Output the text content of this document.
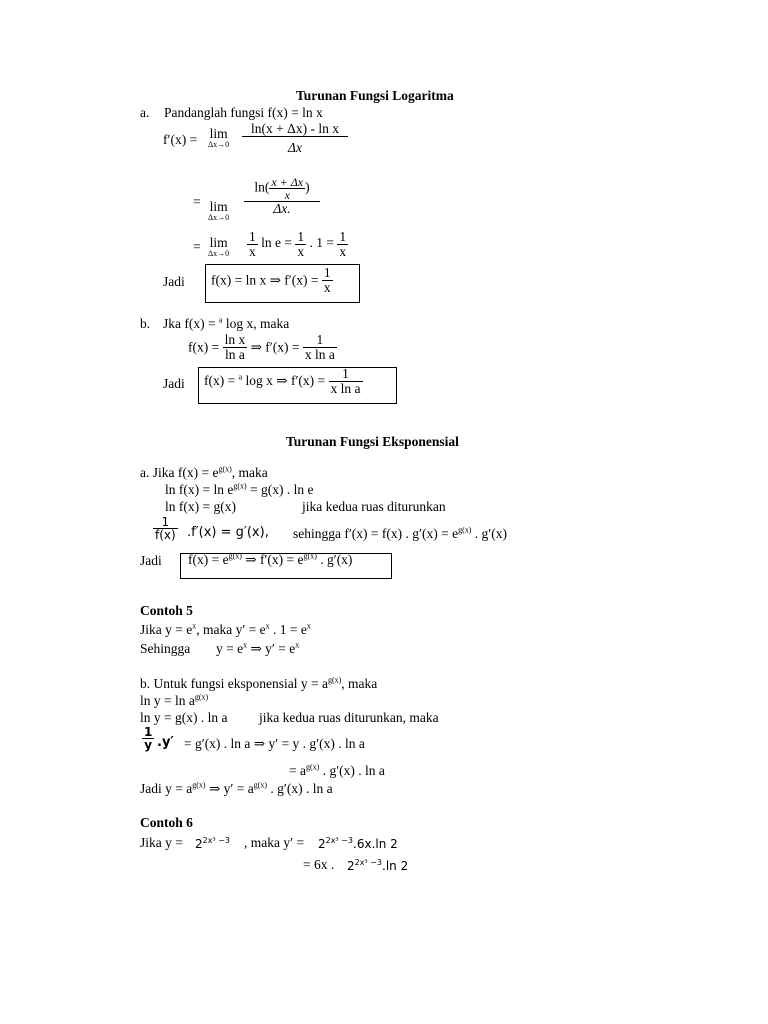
Turunan Fungsi Logaritma
a. Pandanglah fungsi f(x) = ln x
f′(x) = lim
$\Delta x\to 0 \frac{\text{ln(x + Δx) - ln x}}{\Delta x}$
= lim
Δx→0
$\frac{\ln( \frac{x + \Delta x}{x} )}{\Delta x.}$
= lim
$\Delta x\to 0 \frac{1}{x}$ $\ln e = \frac{1}{x}$ . $1 = \frac{1}{x}$
Jadi f(x) = ln x ⇒ $f'(x) = \frac{1}{x}$
b. Jka f(x) = $^a$ log x, maka
$f(x) = \frac{\text{ln x}}{\text{ln a}}$ ⇒ $f'(x) = \frac{1}{\text{x ln a}}$
Jadi f(x) = $^a$ log x ⇒ $f'(x) = \frac{1}{\text{x ln a}}$
Turunan Fungsi Eksponensial
a. Jika $f(x) = e^{g(x)}$, maka
$\ln f(x) = \ln e^{g(x)} = g(x)$ . ln e
ln f(x) = g(x)	jika kedua ruas diturunkan
$\frac{1}{f(x)} .f'(x) = g'(x)$, sehingga f′(x) = f(x) . $g'(x) = e^{g(x)}$ . g′(x)
Jadi $f(x) = e^{g(x)}$ ⇒ $f'(x) = e^{g(x)}$ . g′(x)
Contoh 5
Jika $y = e^x$, maka $y' = e^x$ . $1 = e^x$
Sehingga $y = e^x$ ⇒ $y' = e^x$
b. Untuk fungsi eksponensial $y = a^{g(x)}$, maka
$\ln y = \ln a^{g(x)}$
ln y = g(x) . ln a jika kedua ruas diturunkan, maka
$\frac{1}{y} .y' = g'(x)$ . ln a ⇒ y′ = y . g′(x) . ln a
= $a^{g(x)}$ . g′(x) . ln a
Jadi $y = a^{g(x)}$ ⇒ $y' = a^{g(x)}$ . g′(x) . ln a
Contoh 6
Jika $y = 2^{2x^3 -3}$ , maka $y' = 2^{2x^3 -3}.6x.\ln$ 2
= 6x . $2^{2x^3 -3}.\ln$ 2
